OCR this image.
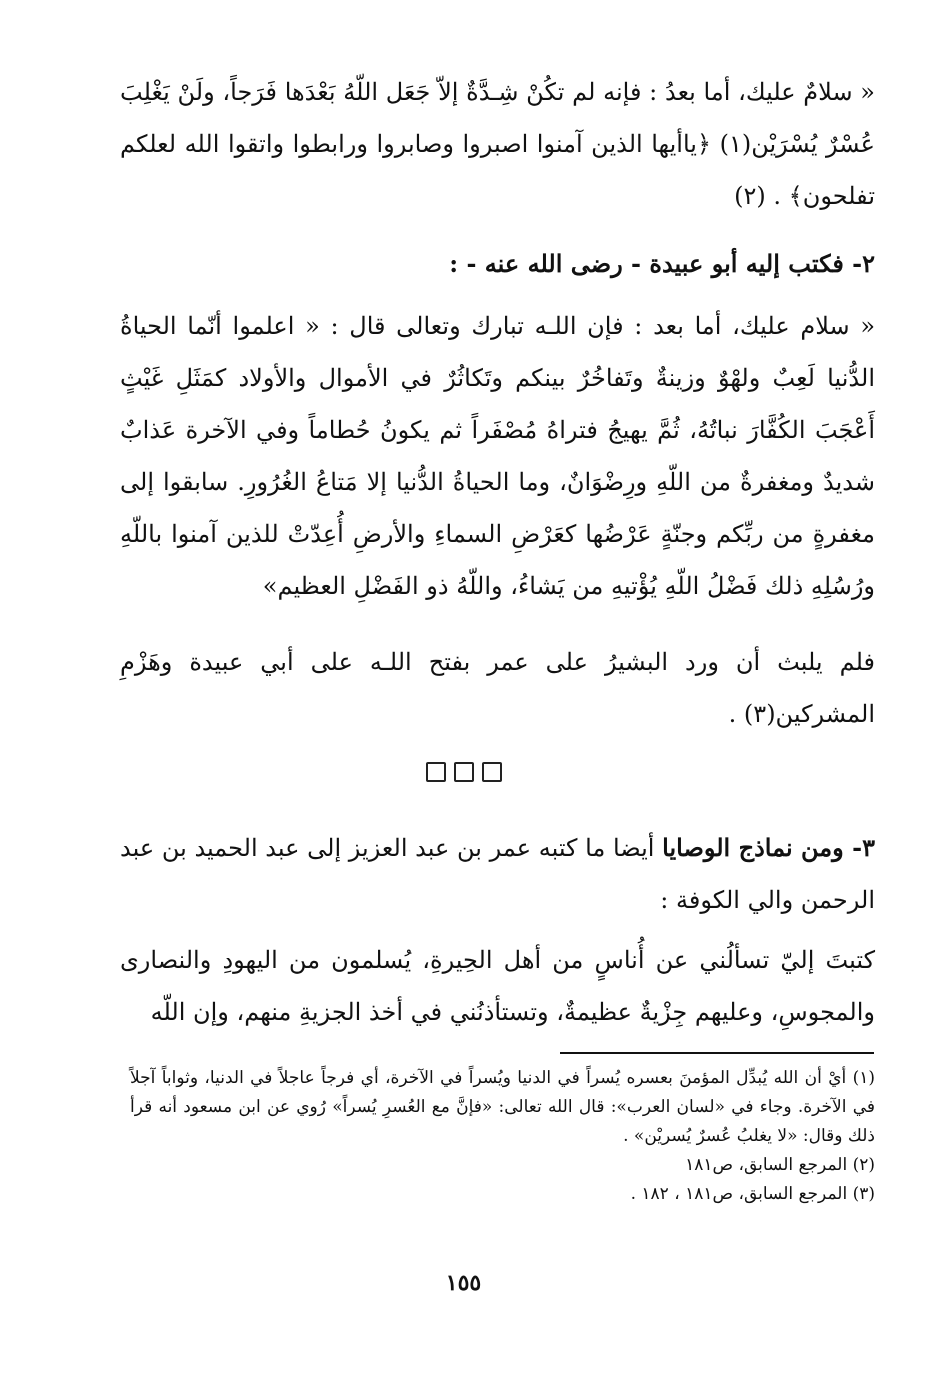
« سلامٌ عليك، أما بعدُ : فإنه لم تكُنْ شِـدَّةٌ إلاّ جَعَل اللّهُ بَعْدَها فَرَجاً، ولَنْ يَغْلِبَ عُسْرٌ يُسْرَيْن(١) ﴿ياأيها الذين آمنوا اصبروا وصابروا ورابطوا واتقوا الله لعلكم تفلحون﴾ . (٢)

٢- فكتب إليه أبو عبيدة - رضى الله عنه - :

« سلام عليك، أما بعد : فإن اللـه تبارك وتعالى قال : « اعلموا أنّما الحياةُ الدُّنيا لَعِبٌ ولهْوٌ وزينةٌ وتَفاخُرٌ بينكم وتَكاثُرٌ في الأموال والأولاد كمَثَلِ غَيْثٍ أَعْجَبَ الكُفَّارَ نباتُهُ، ثُمَّ يهيجُ فتراهُ مُصْفَراً ثم يكونُ حُطاماً وفي الآخرة عَذابٌ شديدٌ ومغفرةٌ من اللّهِ ورِضْوَانٌ، وما الحياةُ الدُّنيا إلا مَتاعُ الغُرُورِ. سابقوا إلى مغفرةٍ من ربِّكم وجنّةٍ عَرْضُها كعَرْضِ السماءِ والأرضِ أُعِدّتْ للذين آمنوا باللّهِ ورُسُلِهِ ذلك فَضْلُ اللّهِ يُؤْتيهِ من يَشاءُ، واللّهُ ذو الفَضْلِ العظيم»

فلم يلبث أن ورد البشيرُ على عمر بفتح اللـه على أبي عبيدة وهَزْمِ المشركين(٣) .

٣- ومن نماذج الوصايا أيضا ما كتبه عمر بن عبد العزيز إلى عبد الحميد بن عبد الرحمن والي الكوفة :

كتبتَ إليّ تسألُني عن أُناسٍ من أهل الحِيرةِ، يُسلمون من اليهودِ والنصارى والمجوسِ، وعليهم جِزْيةٌ عظيمةٌ، وتستأذنُني في أخذ الجزيةِ منهم، وإن اللّه

(١) أيْ أن الله يُبدِّل المؤمنَ بعسره يُسراً في الدنيا ويُسراً في الآخرة، أي فرجاً عاجلاً في الدنيا، وثواباً آجلاً في الآخرة. وجاء في «لسان العرب»: قال الله تعالى: «فإنَّ مع العُسرِ يُسراً» رُوي عن ابن مسعود أنه قرأ ذلك وقال: «لا يغلبُ عُسرٌ يُسريْن» .

(٢) المرجع السابق، ص١٨١

(٣) المرجع السابق، ص١٨١ ، ١٨٢ .

١٥٥
